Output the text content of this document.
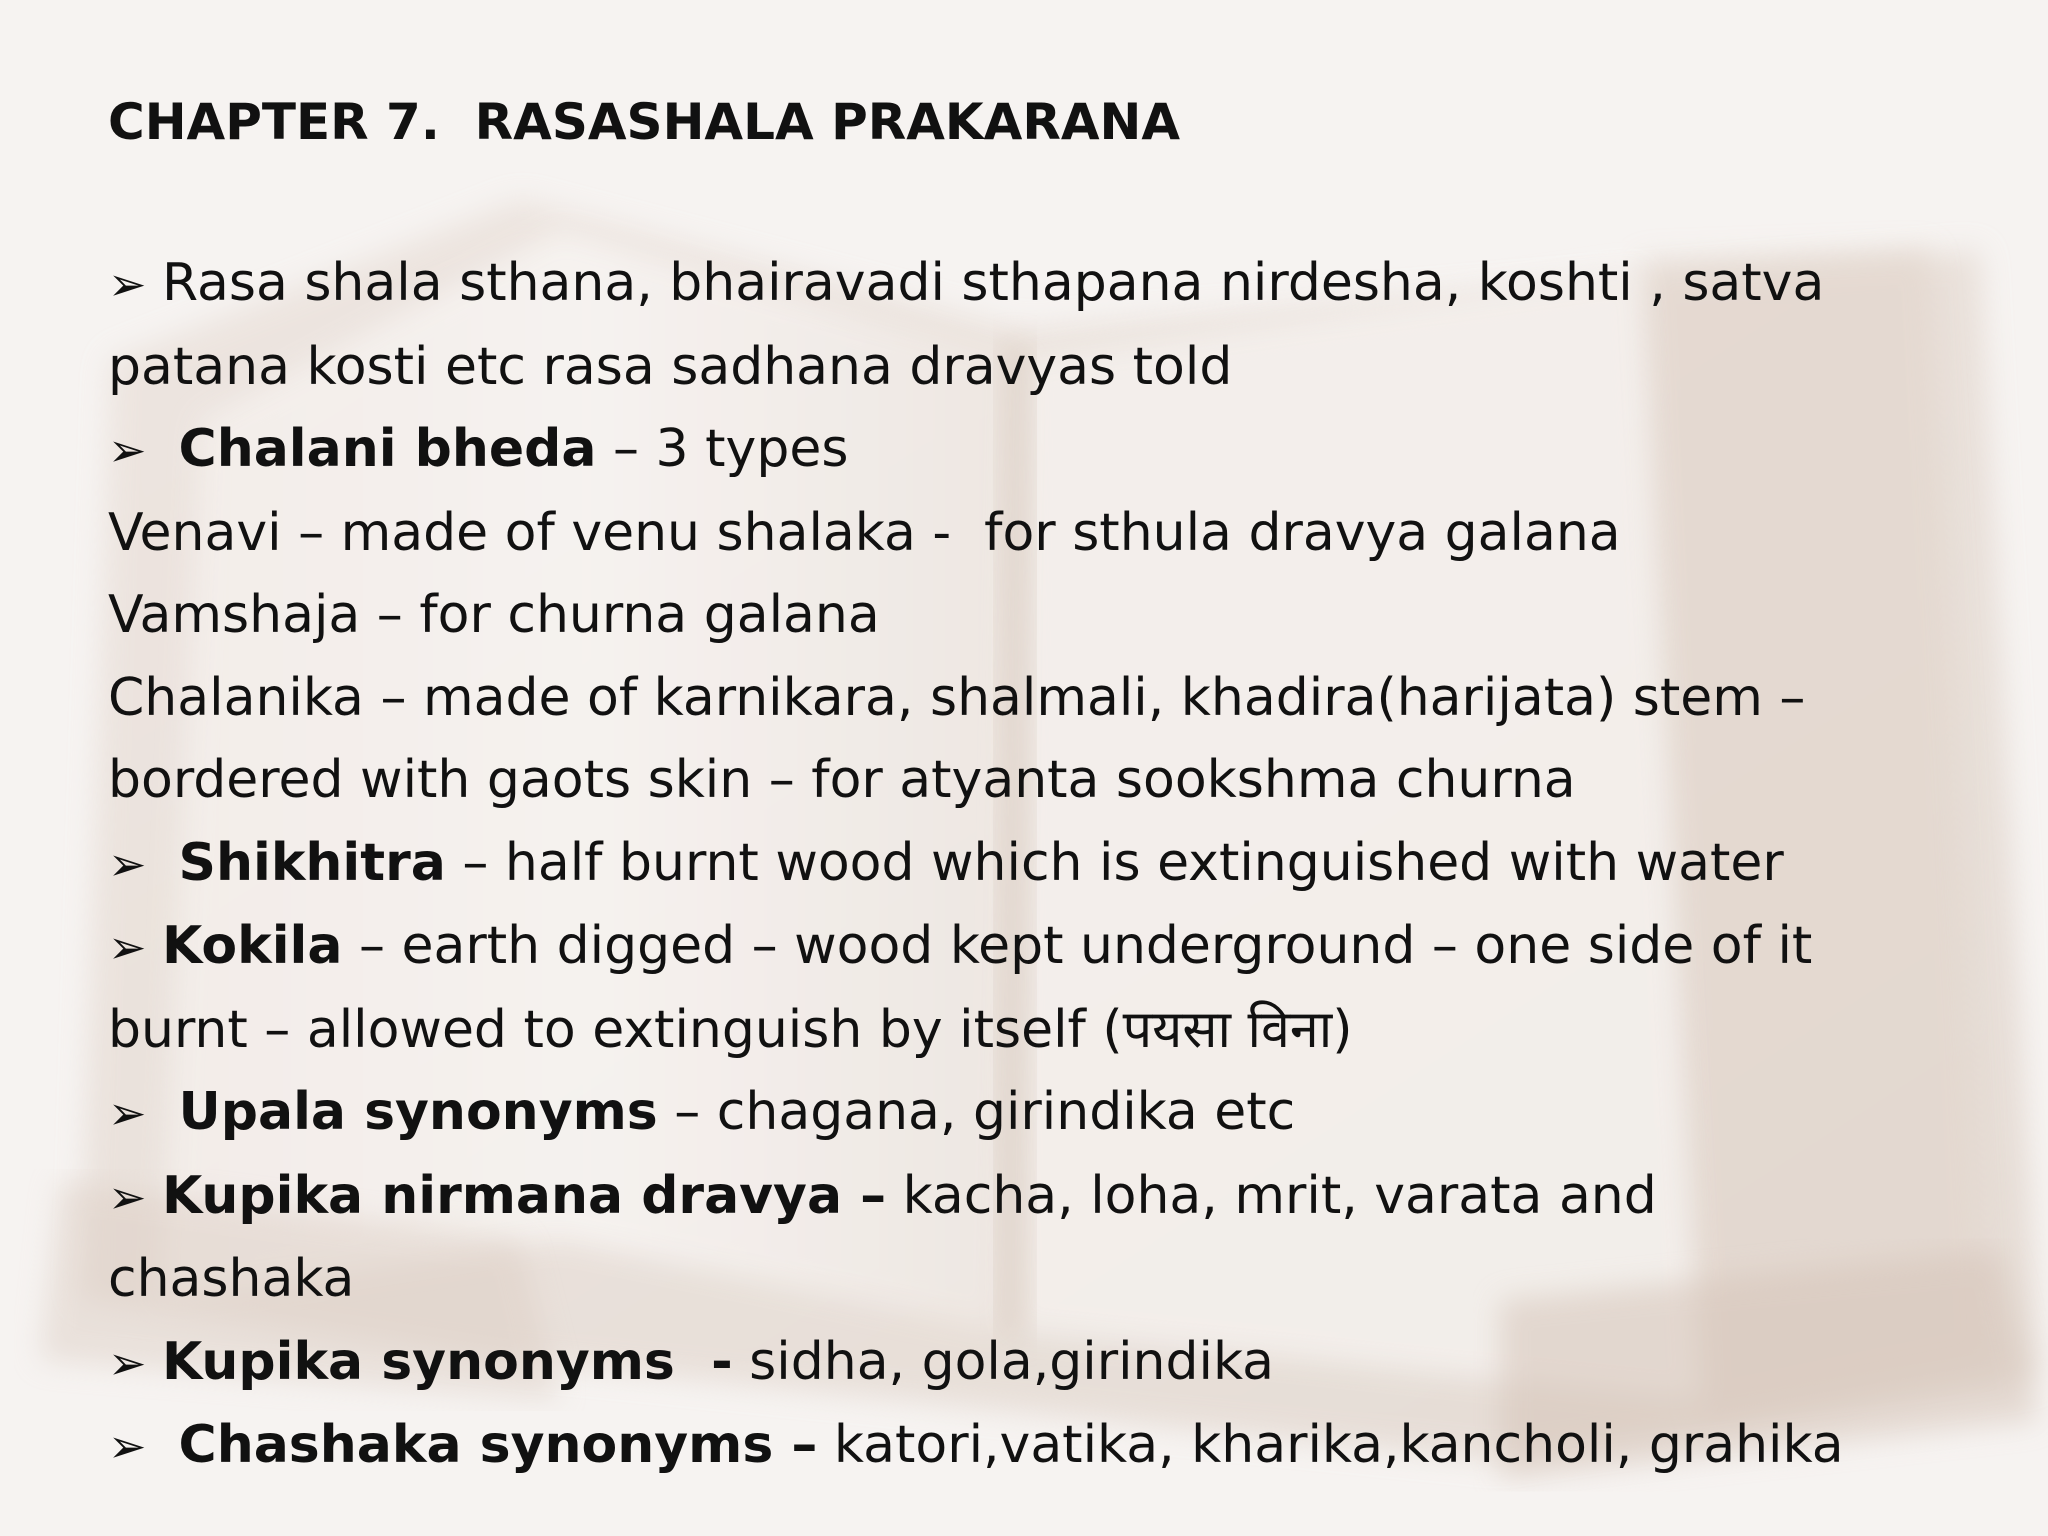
CHAPTER 7.  RASASHALA PRAKARANA
➢ Rasa shala sthana, bhairavadi sthapana nirdesha, koshti , satva
patana kosti etc rasa sadhana dravyas told
➢ Chalani bheda – 3 types
Venavi – made of venu shalaka -  for sthula dravya galana
Vamshaja – for churna galana
Chalanika – made of karnikara, shalmali, khadira(harijata) stem –
bordered with gaots skin – for atyanta sookshma churna
➢ Shikhitra – half burnt wood which is extinguished with water
➢ Kokila – earth digged – wood kept underground – one side of it
burnt – allowed to extinguish by itself (पयसा विना)
➢ Upala synonyms – chagana, girindika etc
➢ Kupika nirmana dravya – kacha, loha, mrit, varata and
chashaka
➢ Kupika synonyms  - sidha, gola,girindika
➢ Chashaka synonyms – katori,vatika, kharika,kancholi, grahika
